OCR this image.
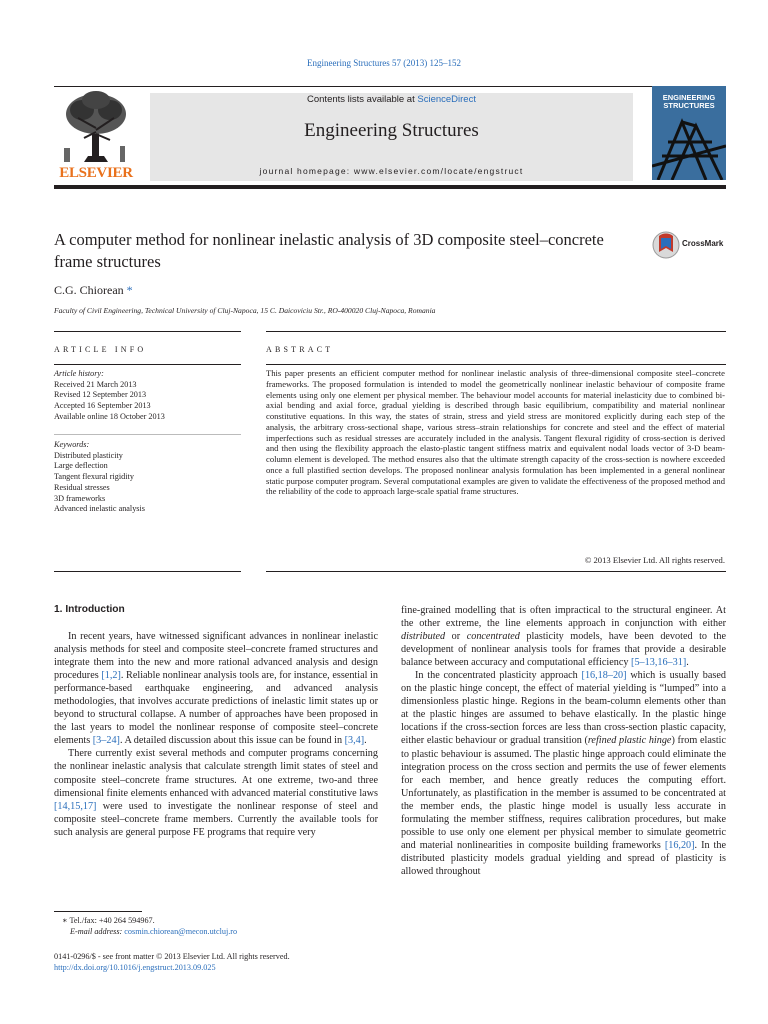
Engineering Structures 57 (2013) 125–152
ELSEVIER
Contents lists available at ScienceDirect
Engineering Structures
journal homepage: www.elsevier.com/locate/engstruct
ENGINEERING
STRUCTURES
A computer method for nonlinear inelastic analysis of 3D composite steel–concrete frame structures
CrossMark
C.G. Chiorean *
Faculty of Civil Engineering, Technical University of Cluj-Napoca, 15 C. Daicoviciu Str., RO-400020 Cluj-Napoca, Romania
ARTICLE INFO	ABSTRACT
Article history:
Received 21 March 2013
Revised 12 September 2013
Accepted 16 September 2013
Available online 18 October 2013
Keywords:
Distributed plasticity
Large deflection
Tangent flexural rigidity
Residual stresses
3D frameworks
Advanced inelastic analysis
This paper presents an efficient computer method for nonlinear inelastic analysis of three-dimensional composite steel–concrete frameworks. The proposed formulation is intended to model the geometrically nonlinear inelastic behaviour of composite frame elements using only one element per physical member. The behaviour model accounts for material inelasticity due to combined bi-axial bending and axial force, gradual yielding is described through basic equilibrium, compatibility and material nonlinear constitutive equations. In this way, the states of strain, stress and yield stress are monitored explicitly during each step of the analysis, the arbitrary cross-sectional shape, various stress–strain relationships for concrete and steel and the effect of material imperfections such as residual stresses are accurately included in the analysis. Tangent flexural rigidity of cross-section is derived and then using the flexibility approach the elasto-plastic tangent stiffness matrix and equivalent nodal loads vector of 3-D beam-column element is developed. The method ensures also that the ultimate strength capacity of the cross-section is nowhere exceeded once a full plastified section develops. The proposed nonlinear analysis formulation has been implemented in a general nonlinear static purpose computer program. Several computational examples are given to validate the effectiveness of the proposed method and the reliability of the code to approach large-scale spatial frame structures.
© 2013 Elsevier Ltd. All rights reserved.
1. Introduction

In recent years, have witnessed significant advances in nonlinear inelastic analysis methods for steel and composite steel–concrete framed structures and integrate them into the new and more rational advanced analysis and design procedures [1,2]. Reliable nonlinear analysis tools are, for instance, essential in performance-based earthquake engineering, and advanced analysis methodologies, that involves accurate predictions of inelastic limit states up or beyond to structural collapse. A number of approaches have been proposed in the last years to model the nonlinear response of composite steel–concrete elements [3–24]. A detailed discussion about this issue can be found in [3,4].

There currently exist several methods and computer programs concerning the nonlinear inelastic analysis that calculate strength limit states of steel and composite steel–concrete frame structures. At one extreme, two-and three dimensional finite elements enhanced with advanced material constitutive laws [14,15,17] were used to investigate the nonlinear response of steel and composite steel–concrete frame members. Currently the available tools for such analysis are general purpose FE programs that require very

fine-grained modelling that is often impractical to the structural engineer. At the other extreme, the line elements approach in conjunction with either distributed or concentrated plasticity models, have been devoted to the development of nonlinear analysis tools for frames that provide a desirable balance between accuracy and computational efficiency [5–13,16–31].

In the concentrated plasticity approach [16,18–20] which is usually based on the plastic hinge concept, the effect of material yielding is “lumped” into a dimensionless plastic hinge. Regions in the beam-column elements other than at the plastic hinges are assumed to behave elastically. In the plastic hinge locations if the cross-section forces are less than cross-section plastic capacity, either elastic behaviour or gradual transition (refined plastic hinge) from elastic to plastic behaviour is assumed. The plastic hinge approach could eliminate the integration process on the cross section and permits the use of fewer elements for each member, and hence greatly reduces the computing effort. Unfortunately, as plastification in the member is assumed to be concentrated at the member ends, the plastic hinge model is usually less accurate in formulating the member stiffness, requires calibration procedures, but make possible to use only one element per physical member to simulate geometric and material nonlinearities in composite building frameworks [16,20]. In the distributed plasticity models gradual yielding and spread of plasticity is allowed throughout

∗ Tel./fax: +40 264 594967.
E-mail address: cosmin.chiorean@mecon.utcluj.ro
0141-0296/$ - see front matter © 2013 Elsevier Ltd. All rights reserved.
http://dx.doi.org/10.1016/j.engstruct.2013.09.025
